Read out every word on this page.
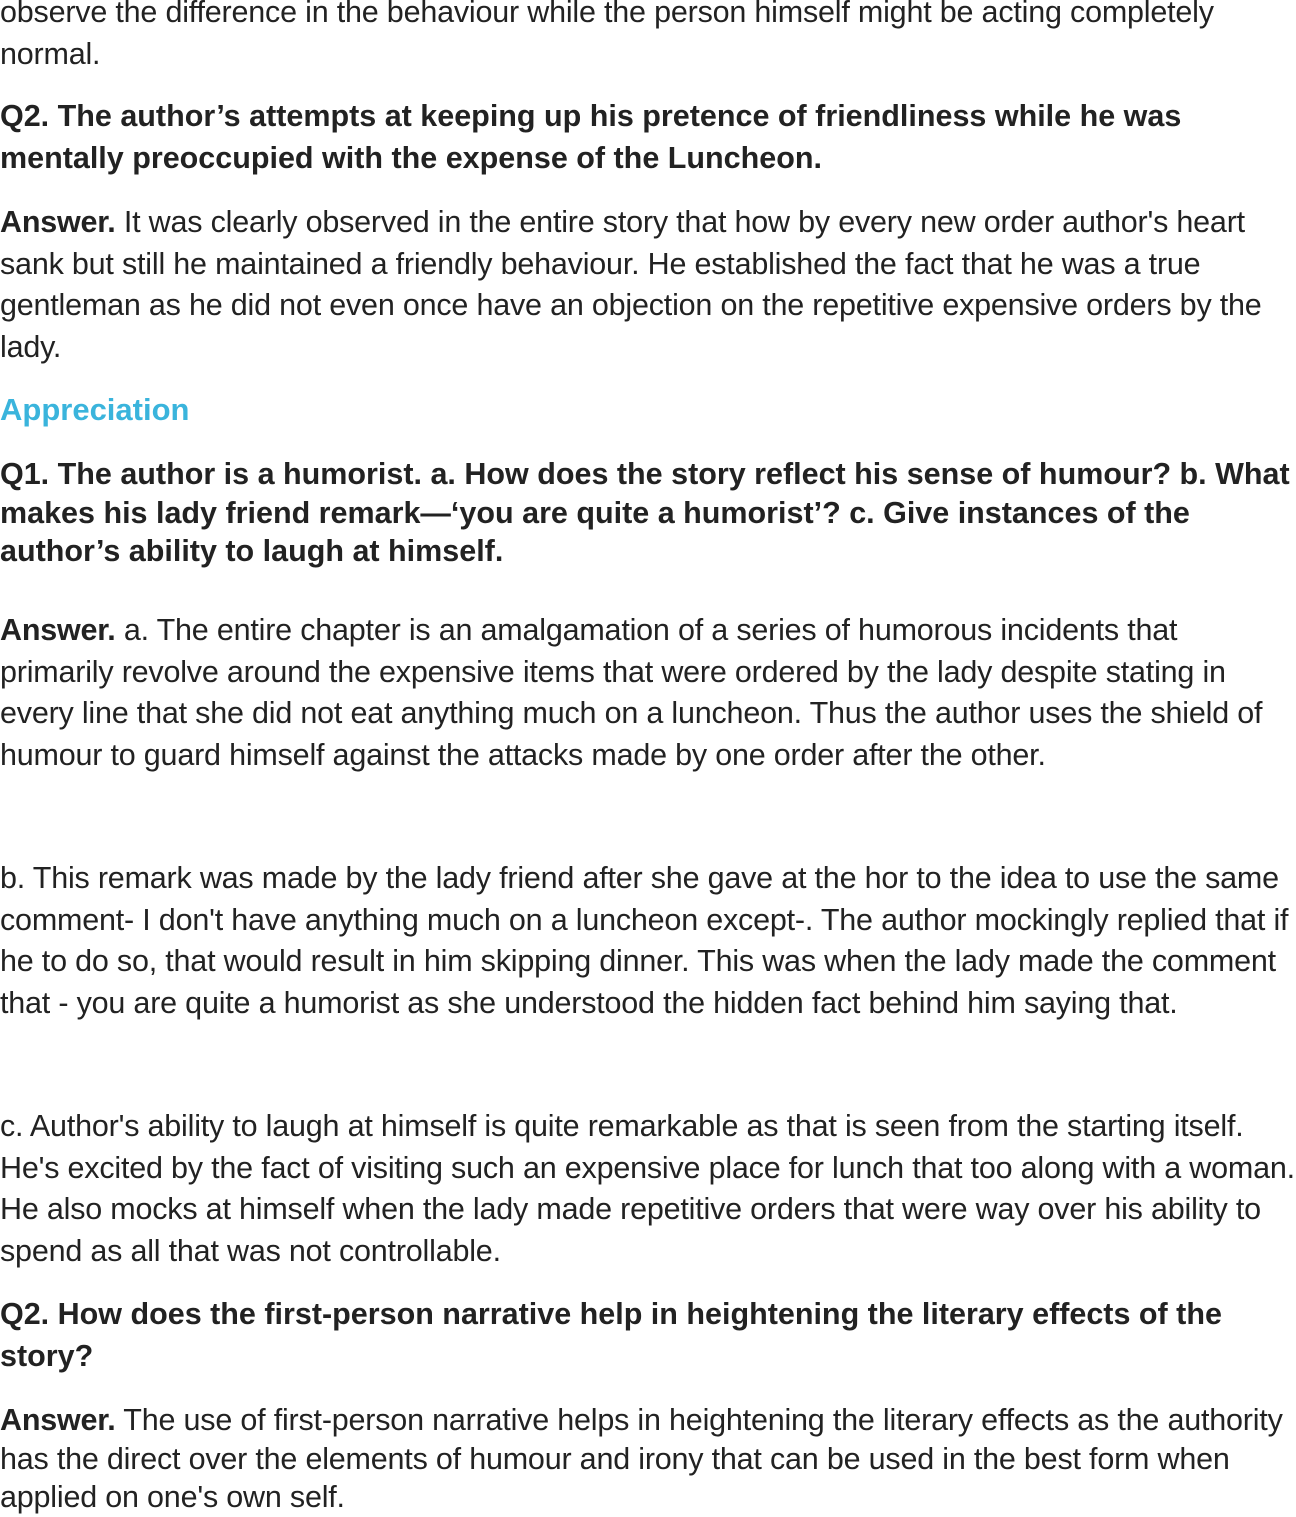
observe the difference in the behaviour while the person himself might be acting completely normal.

Q2. The author’s attempts at keeping up his pretence of friendliness while he was mentally preoccupied with the expense of the Luncheon.

Answer. It was clearly observed in the entire story that how by every new order author's heart sank but still he maintained a friendly behaviour. He established the fact that he was a true gentleman as he did not even once have an objection on the repetitive expensive orders by the lady.

Appreciation

Q1. The author is a humorist. a. How does the story reflect his sense of humour? b. What makes his lady friend remark—‘you are quite a humorist’? c. Give instances of the author’s ability to laugh at himself.

Answer. a. The entire chapter is an amalgamation of a series of humorous incidents that primarily revolve around the expensive items that were ordered by the lady despite stating in every line that she did not eat anything much on a luncheon. Thus the author uses the shield of humour to guard himself against the attacks made by one order after the other.

b. This remark was made by the lady friend after she gave at the hor to the idea to use the same comment- I don't have anything much on a luncheon except-. The author mockingly replied that if he to do so, that would result in him skipping dinner. This was when the lady made the comment that - you are quite a humorist as she understood the hidden fact behind him saying that.

c. Author's ability to laugh at himself is quite remarkable as that is seen from the starting itself. He's excited by the fact of visiting such an expensive place for lunch that too along with a woman. He also mocks at himself when the lady made repetitive orders that were way over his ability to spend as all that was not controllable.

Q2. How does the first-person narrative help in heightening the literary effects of the story?

Answer. The use of first-person narrative helps in heightening the literary effects as the authority has the direct over the elements of humour and irony that can be used in the best form when applied on one's own self.
